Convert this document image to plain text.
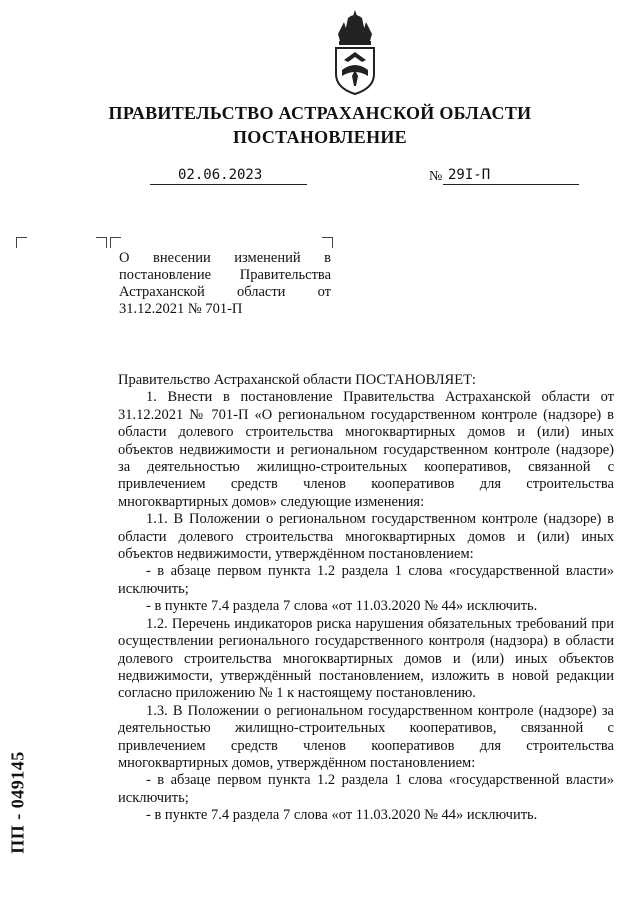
ПРАВИТЕЛЬСТВО АСТРАХАНСКОЙ ОБЛАСТИ
ПОСТАНОВЛЕНИЕ
02.06.2023	№ 29I-П
О внесении изменений в постановление Правительства Астраханской области от 31.12.2021 № 701-П

Правительство Астраханской области ПОСТАНОВЛЯЕТ:

1. Внести в постановление Правительства Астраханской области от 31.12.2021 № 701-П «О региональном государственном контроле (надзоре) в области долевого строительства многоквартирных домов и (или) иных объектов недвижимости и региональном государственном контроле (надзоре) за деятельностью жилищно-строительных кооперативов, связанной с привлечением средств членов кооперативов для строительства многоквартирных домов» следующие изменения:

1.1. В Положении о региональном государственном контроле (надзоре) в области долевого строительства многоквартирных домов и (или) иных объектов недвижимости, утверждённом постановлением:

- в абзаце первом пункта 1.2 раздела 1 слова «государственной власти» исключить;

- в пункте 7.4 раздела 7 слова «от 11.03.2020 № 44» исключить.

1.2. Перечень индикаторов риска нарушения обязательных требований при осуществлении регионального государственного контроля (надзора) в области долевого строительства многоквартирных домов и (или) иных объектов недвижимости, утверждённый постановлением, изложить в новой редакции согласно приложению № 1 к настоящему постановлению.

1.3. В Положении о региональном государственном контроле (надзоре) за деятельностью жилищно-строительных кооперативов, связанной с привлечением средств членов кооперативов для строительства многоквартирных домов, утверждённом постановлением:

- в абзаце первом пункта 1.2 раздела 1 слова «государственной власти» исключить;

- в пункте 7.4 раздела 7 слова «от 11.03.2020 № 44» исключить.

ПП - 049145
